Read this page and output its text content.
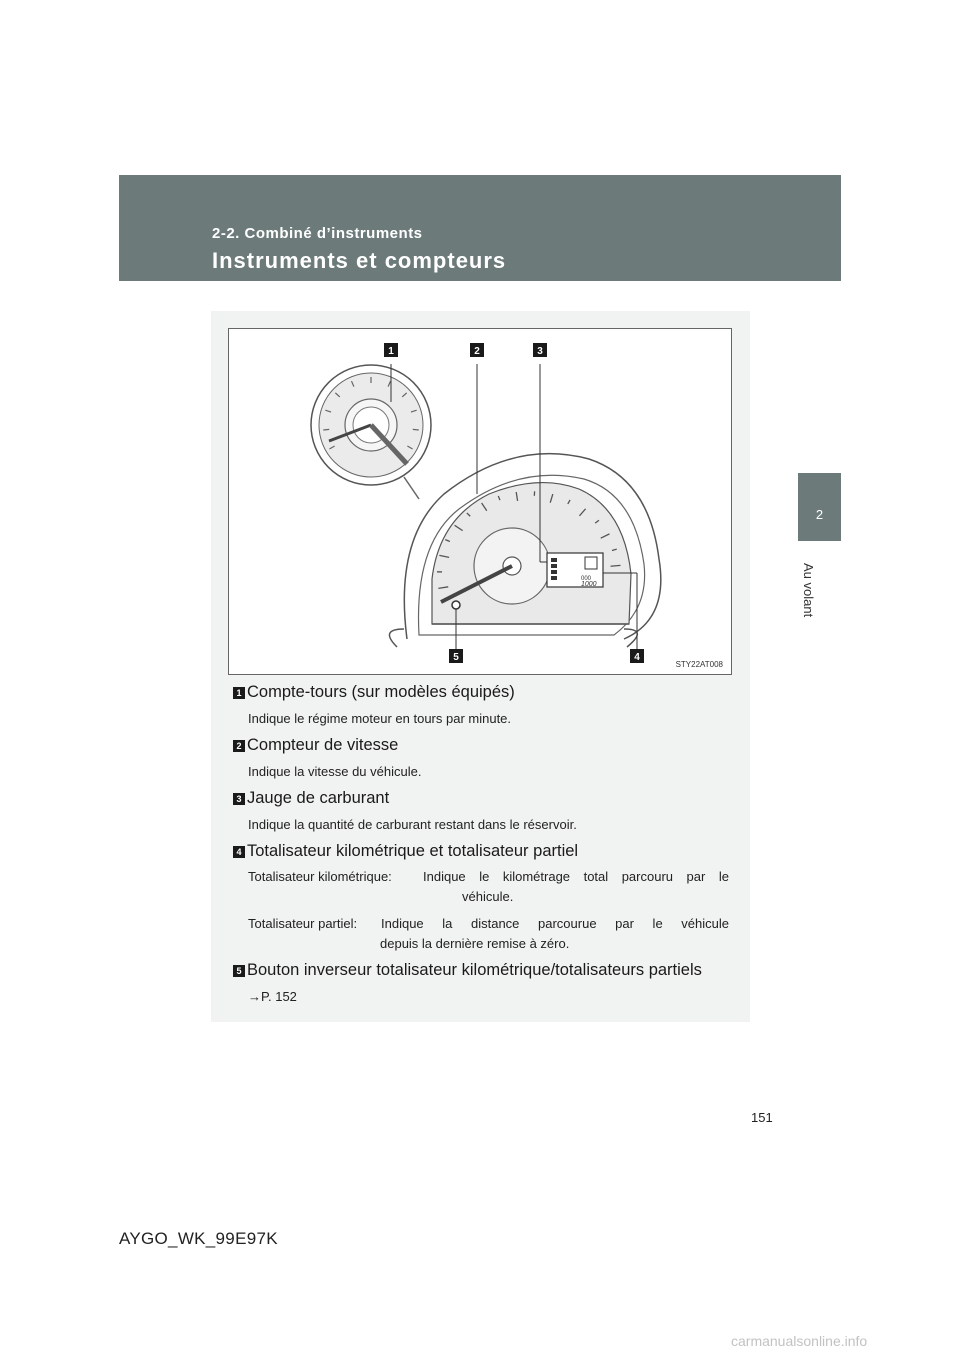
2-2. Combiné d’instruments
Instruments et compteurs
2
Au volant
000
1000
1	2	3
4
5
STY22AT008
1 Compte-tours (sur modèles équipés)
Indique le régime moteur en tours par minute.
2 Compteur de vitesse
Indique la vitesse du véhicule.
3 Jauge de carburant
Indique la quantité de carburant restant dans le réservoir.
4 Totalisateur kilométrique et totalisateur partiel
Totalisateur kilométrique: Indique le kilométrage total parcouru par le
véhicule.
Totalisateur partiel: Indique la distance parcourue par le véhicule
depuis la dernière remise à zéro.
5 Bouton inverseur totalisateur kilométrique/totalisateurs partiels
→P. 152
151
AYGO_WK_99E97K
carmanualsonline.info
